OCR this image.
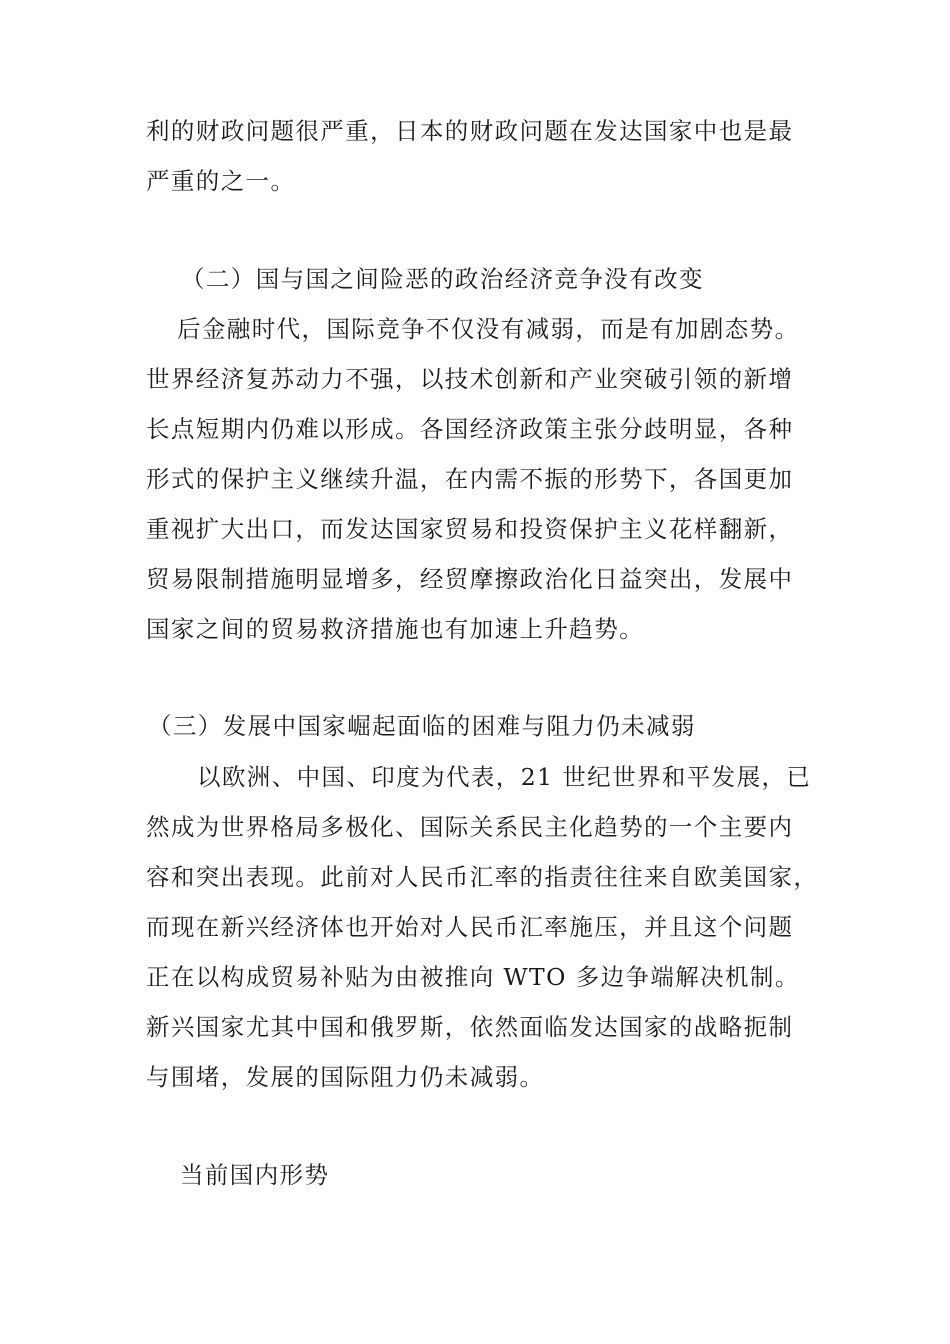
利的财政问题很严重，日本的财政问题在发达国家中也是最
严重的之一。
（二）国与国之间险恶的政治经济竞争没有改变
后金融时代，国际竞争不仅没有减弱，而是有加剧态势。
世界经济复苏动力不强，以技术创新和产业突破引领的新增
长点短期内仍难以形成。各国经济政策主张分歧明显，各种
形式的保护主义继续升温，在内需不振的形势下，各国更加
重视扩大出口，而发达国家贸易和投资保护主义花样翻新，
贸易限制措施明显增多，经贸摩擦政治化日益突出，发展中
国家之间的贸易救济措施也有加速上升趋势。
（三）发展中国家崛起面临的困难与阻力仍未减弱
以欧洲、中国、印度为代表，21 世纪世界和平发展，已
然成为世界格局多极化、国际关系民主化趋势的一个主要内
容和突出表现。此前对人民币汇率的指责往往来自欧美国家，
而现在新兴经济体也开始对人民币汇率施压，并且这个问题
正在以构成贸易补贴为由被推向 WTO 多边争端解决机制。
新兴国家尤其中国和俄罗斯，依然面临发达国家的战略扼制
与围堵，发展的国际阻力仍未减弱。
当前国内形势
